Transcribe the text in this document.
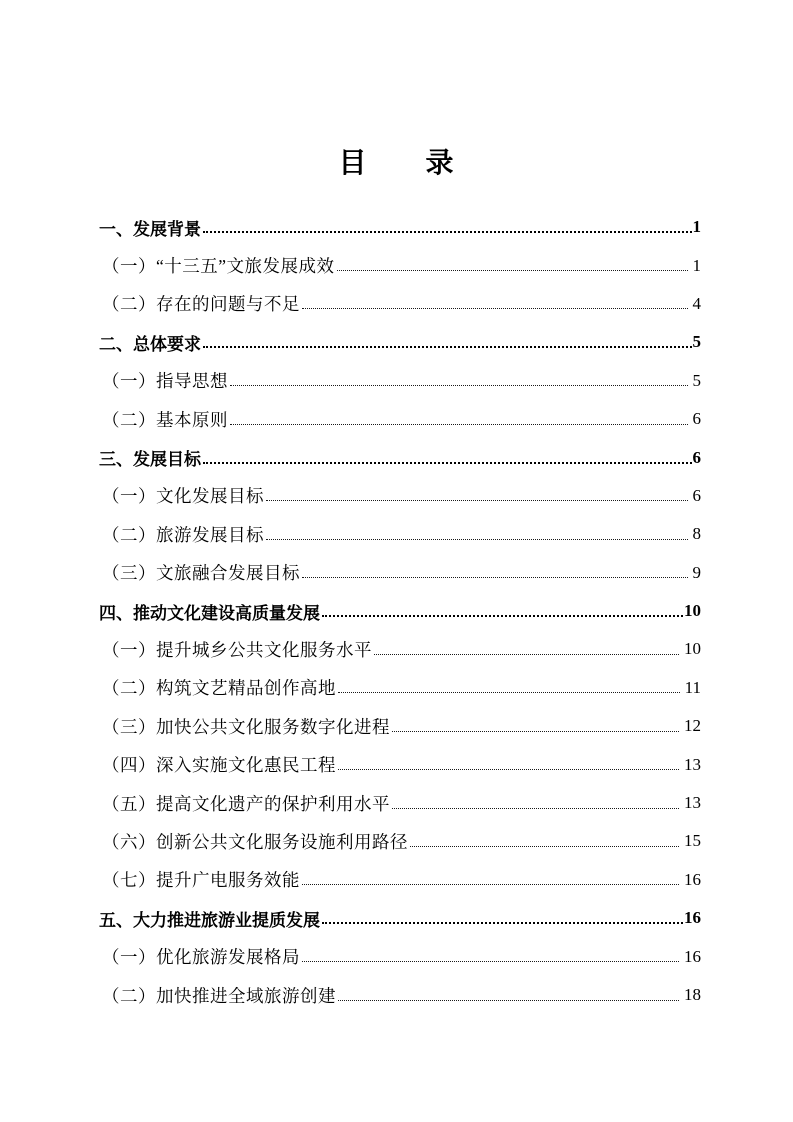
目　　录
一、发展背景	1
（一）“十三五”文旅发展成效	1
（二）存在的问题与不足	4
二、总体要求	5
（一）指导思想	5
（二）基本原则	6
三、发展目标	6
（一）文化发展目标	6
（二）旅游发展目标	8
（三）文旅融合发展目标	9
四、推动文化建设高质量发展	10
（一）提升城乡公共文化服务水平	10
（二）构筑文艺精品创作高地	11
（三）加快公共文化服务数字化进程	12
（四）深入实施文化惠民工程	13
（五）提高文化遗产的保护利用水平	13
（六）创新公共文化服务设施利用路径	15
（七）提升广电服务效能	16
五、大力推进旅游业提质发展	16
（一）优化旅游发展格局	16
（二）加快推进全域旅游创建	18
